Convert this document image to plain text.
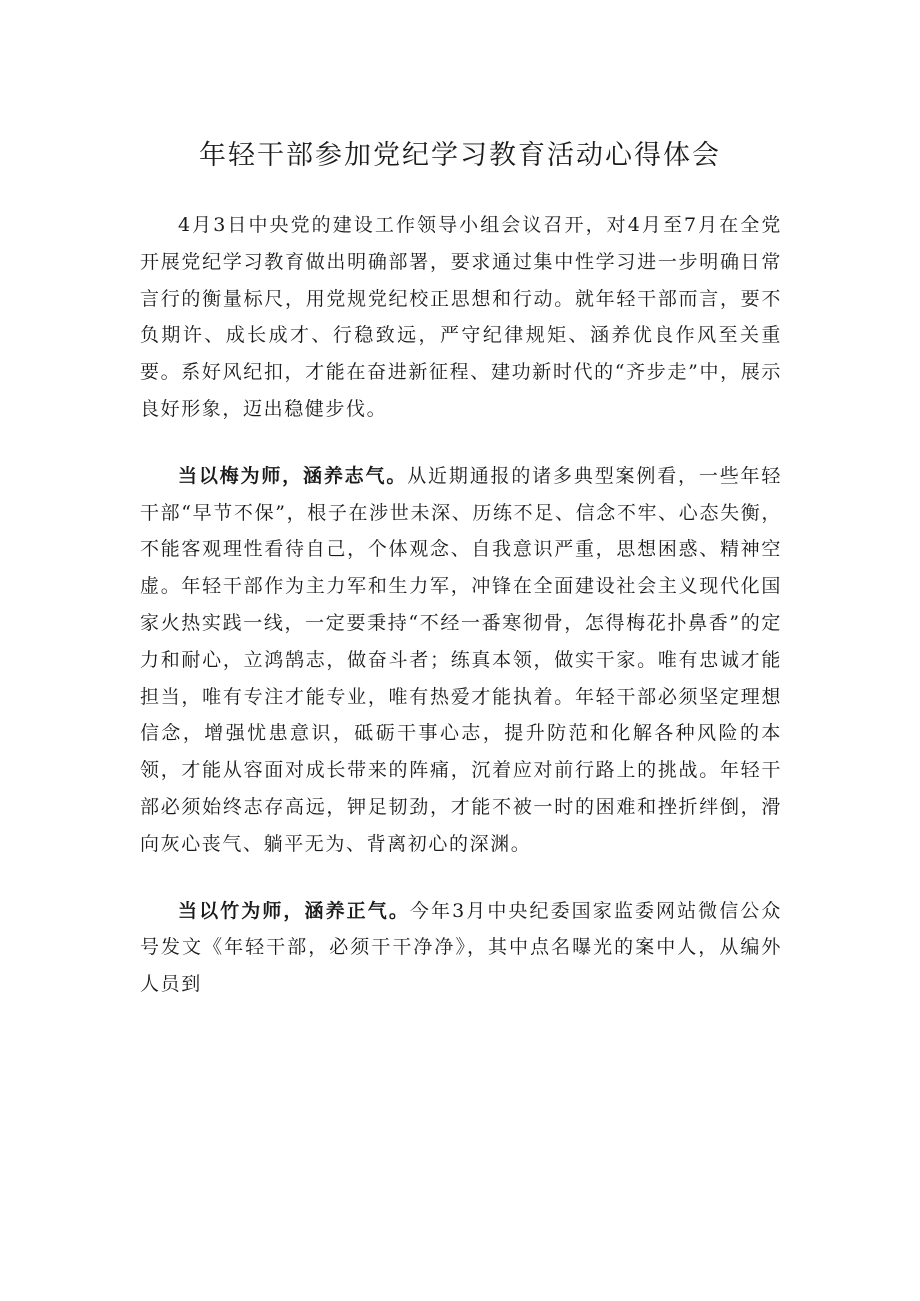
年轻干部参加党纪学习教育活动心得体会

4月3日中央党的建设工作领导小组会议召开，对4月至7月在全党开展党纪学习教育做出明确部署，要求通过集中性学习进一步明确日常言行的衡量标尺，用党规党纪校正思想和行动。就年轻干部而言，要不负期许、成长成才、行稳致远，严守纪律规矩、涵养优良作风至关重要。系好风纪扣，才能在奋进新征程、建功新时代的“齐步走”中，展示良好形象，迈出稳健步伐。

当以梅为师，涵养志气。从近期通报的诸多典型案例看，一些年轻干部“早节不保”，根子在涉世未深、历练不足、信念不牢、心态失衡，不能客观理性看待自己，个体观念、自我意识严重，思想困惑、精神空虚。年轻干部作为主力军和生力军，冲锋在全面建设社会主义现代化国家火热实践一线，一定要秉持“不经一番寒彻骨，怎得梅花扑鼻香”的定力和耐心，立鸿鹄志，做奋斗者；练真本领，做实干家。唯有忠诚才能担当，唯有专注才能专业，唯有热爱才能执着。年轻干部必须坚定理想信念，增强忧患意识，砥砺干事心志，提升防范和化解各种风险的本领，才能从容面对成长带来的阵痛，沉着应对前行路上的挑战。年轻干部必须始终志存高远，钾足韧劲，才能不被一时的困难和挫折绊倒，滑向灰心丧气、躺平无为、背离初心的深渊。

当以竹为师，涵养正气。今年3月中央纪委国家监委网站微信公众号发文《年轻干部，必须干干净净》，其中点名曝光的案中人，从编外人员到
